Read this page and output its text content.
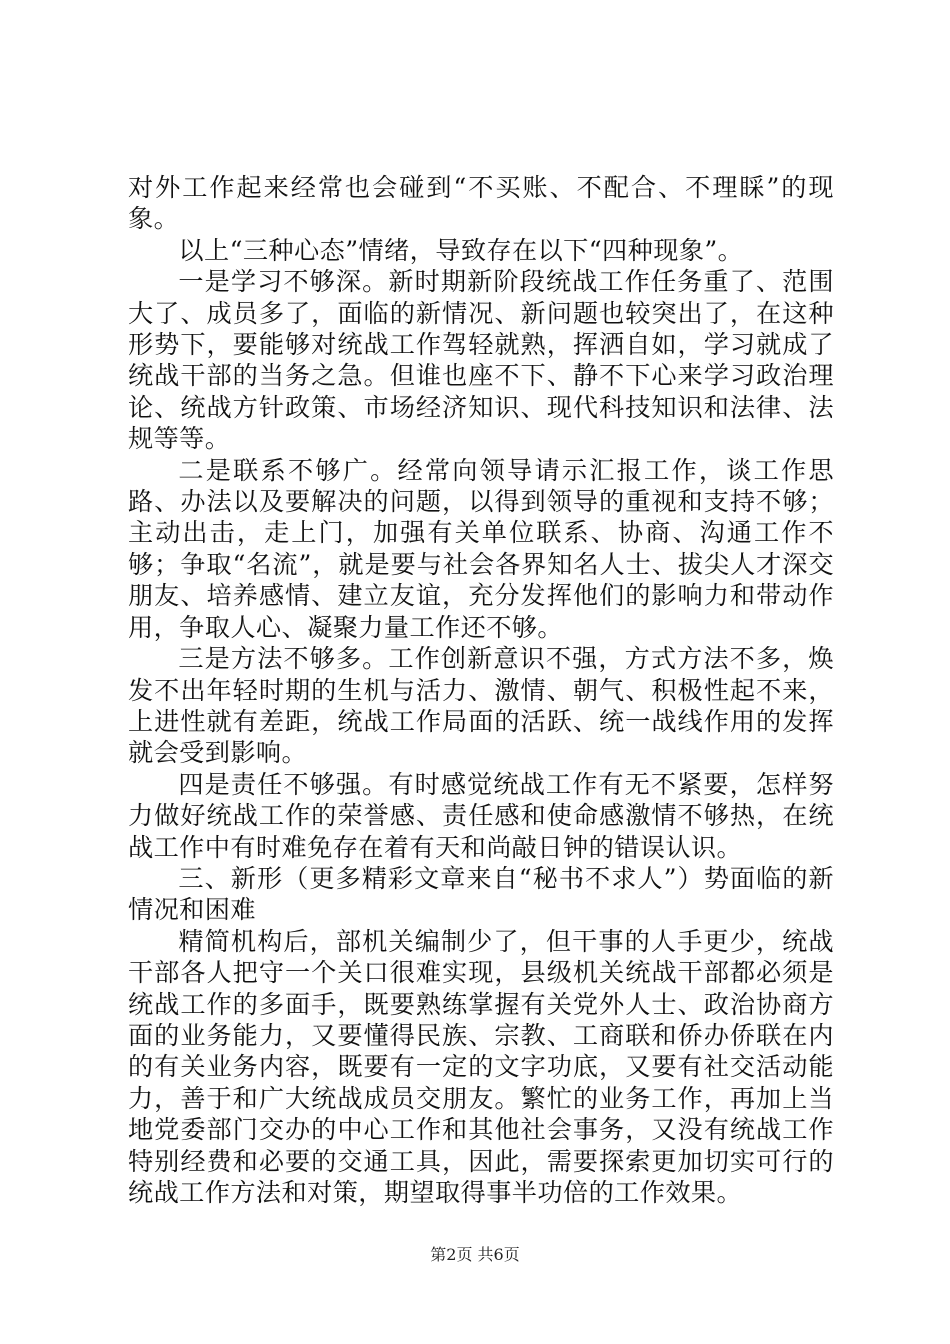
对外工作起来经常也会碰到“不买账、不配合、不理睬”的现象。

以上“三种心态”情绪，导致存在以下“四种现象”。

一是学习不够深。新时期新阶段统战工作任务重了、范围大了、成员多了，面临的新情况、新问题也较突出了，在这种形势下，要能够对统战工作驾轻就熟，挥洒自如，学习就成了统战干部的当务之急。但谁也座不下、静不下心来学习政治理论、统战方针政策、市场经济知识、现代科技知识和法律、法规等等。

二是联系不够广。经常向领导请示汇报工作，谈工作思路、办法以及要解决的问题，以得到领导的重视和支持不够；主动出击，走上门，加强有关单位联系、协商、沟通工作不够；争取“名流”，就是要与社会各界知名人士、拔尖人才深交朋友、培养感情、建立友谊，充分发挥他们的影响力和带动作用，争取人心、凝聚力量工作还不够。

三是方法不够多。工作创新意识不强，方式方法不多，焕发不出年轻时期的生机与活力、激情、朝气、积极性起不来，上进性就有差距，统战工作局面的活跃、统一战线作用的发挥就会受到影响。

四是责任不够强。有时感觉统战工作有无不紧要，怎样努力做好统战工作的荣誉感、责任感和使命感激情不够热，在统战工作中有时难免存在着有天和尚敲日钟的错误认识。

三、新形（更多精彩文章来自“秘书不求人”）势面临的新情况和困难

精简机构后，部机关编制少了，但干事的人手更少，统战干部各人把守一个关口很难实现，县级机关统战干部都必须是统战工作的多面手，既要熟练掌握有关党外人士、政治协商方面的业务能力，又要懂得民族、宗教、工商联和侨办侨联在内的有关业务内容，既要有一定的文字功底，又要有社交活动能力，善于和广大统战成员交朋友。繁忙的业务工作，再加上当地党委部门交办的中心工作和其他社会事务，又没有统战工作特别经费和必要的交通工具，因此，需要探索更加切实可行的统战工作方法和对策，期望取得事半功倍的工作效果。

第2页 共6页
